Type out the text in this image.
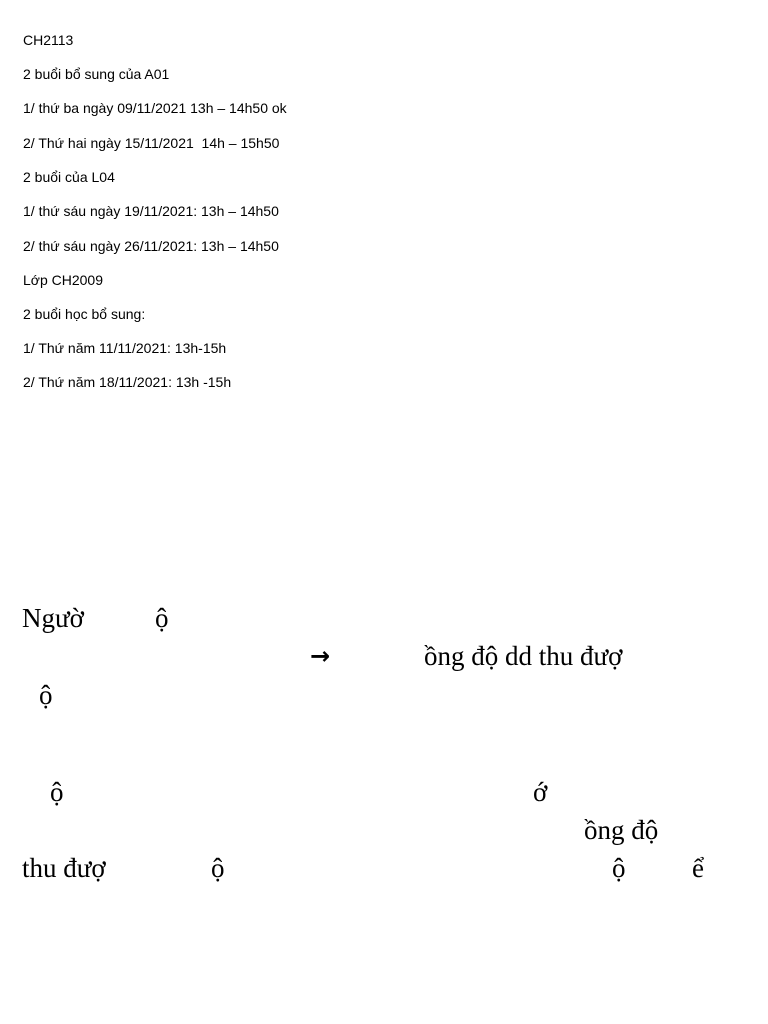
CH2113
2 buổi bổ sung của A01
1/ thứ ba ngày 09/11/2021 13h – 14h50 ok
2/ Thứ hai ngày 15/11/2021  14h – 15h50
2 buổi của L04
1/ thứ sáu ngày 19/11/2021: 13h – 14h50
2/ thứ sáu ngày 26/11/2021: 13h – 14h50
Lớp CH2009
2 buổi học bổ sung:
1/ Thứ năm 11/11/2021: 13h-15h
2/ Thứ năm 18/11/2021: 13h -15h
Ngườ	ộ
→	ồng độ dd thu đượ
ộ
ộ	ớ
ồng độ
thu đượ	ộ	ộ ể
